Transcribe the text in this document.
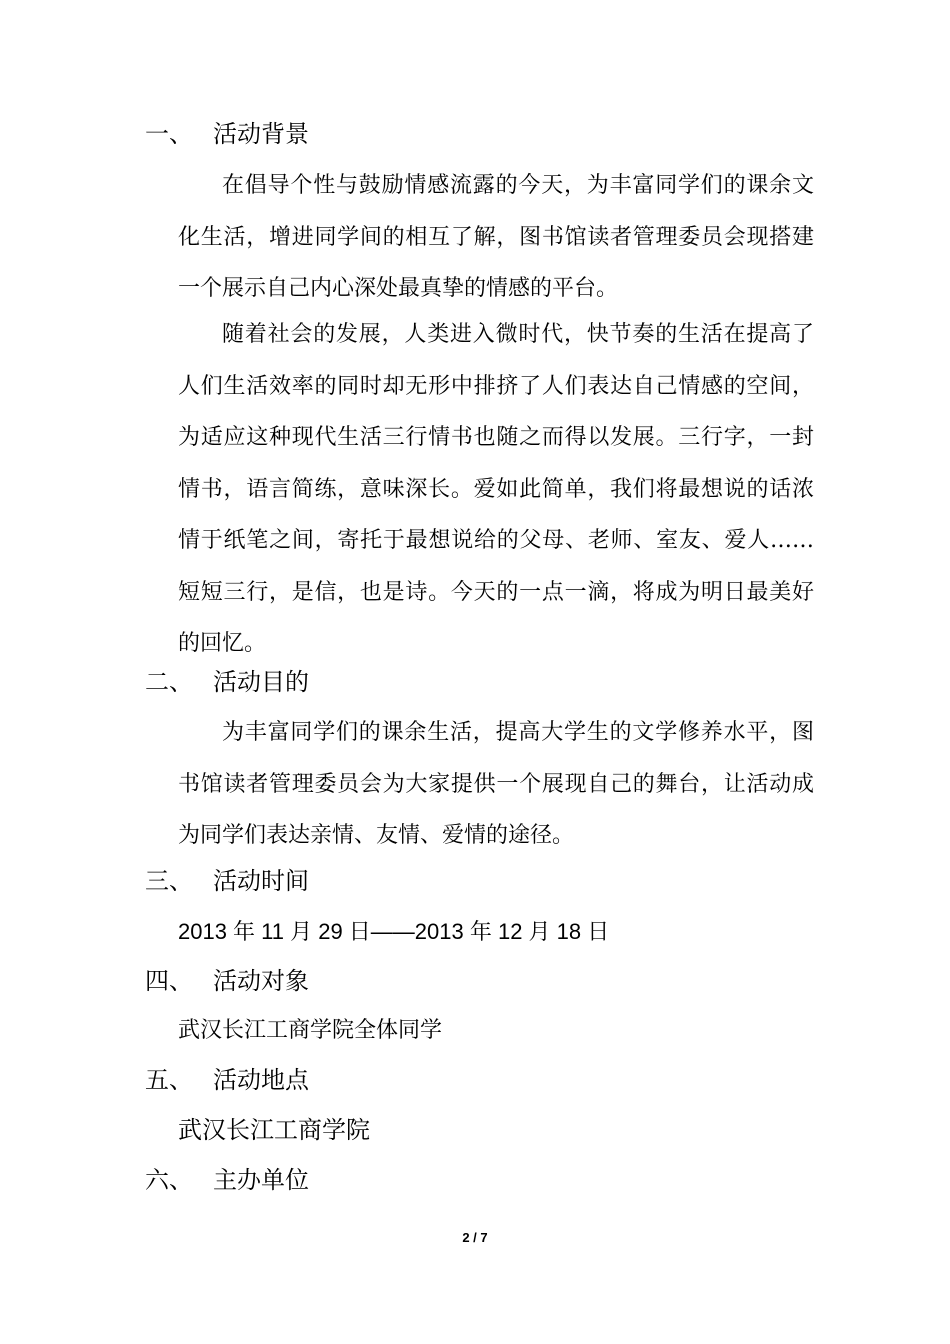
一、 活动背景

在倡导个性与鼓励情感流露的今天，为丰富同学们的课余文化生活，增进同学间的相互了解，图书馆读者管理委员会现搭建一个展示自己内心深处最真挚的情感的平台。

随着社会的发展，人类进入微时代，快节奏的生活在提高了人们生活效率的同时却无形中排挤了人们表达自己情感的空间，为适应这种现代生活三行情书也随之而得以发展。三行字，一封情书，语言简练，意味深长。爱如此简单，我们将最想说的话浓情于纸笔之间，寄托于最想说给的父母、老师、室友、爱人……短短三行，是信，也是诗。今天的一点一滴，将成为明日最美好的回忆。

二、 活动目的

为丰富同学们的课余生活，提高大学生的文学修养水平，图书馆读者管理委员会为大家提供一个展现自己的舞台，让活动成为同学们表达亲情、友情、爱情的途径。

三、 活动时间
2013 年 11 月 29 日——2013 年 12 月 18 日
四、 活动对象
武汉长江工商学院全体同学
五、 活动地点
武汉长江工商学院
六、 主办单位
2 / 7
